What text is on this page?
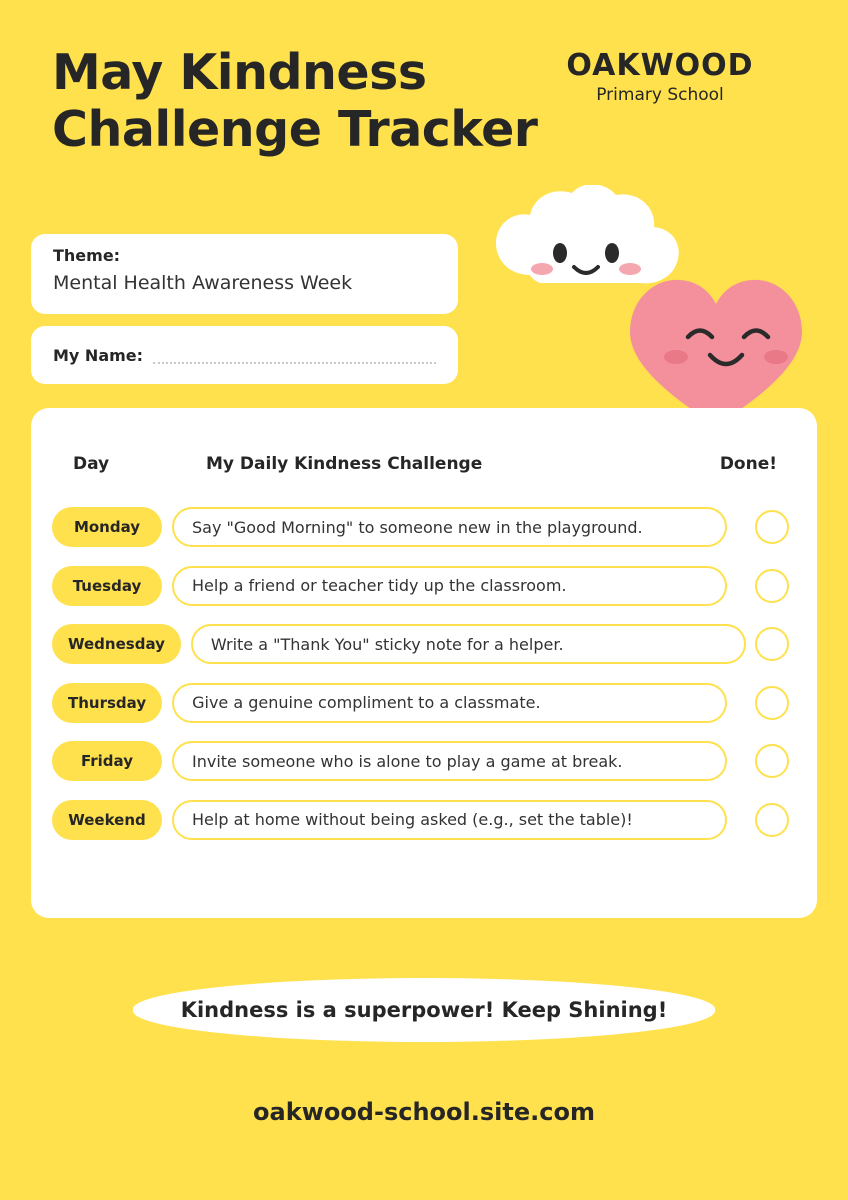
May Kindness Challenge Tracker
OAKWOOD
Primary School
Theme:
Mental Health Awareness Week
My Name:
Day	My Daily Kindness Challenge	Done!
Monday	Say "Good Morning" to someone new in the playground.
Tuesday	Help a friend or teacher tidy up the classroom.
Wednesday	Write a "Thank You" sticky note for a helper.
Thursday	Give a genuine compliment to a classmate.
Friday	Invite someone who is alone to play a game at break.
Weekend	Help at home without being asked (e.g., set the table)!
Kindness is a superpower! Keep Shining!
oakwood-school.site.com
